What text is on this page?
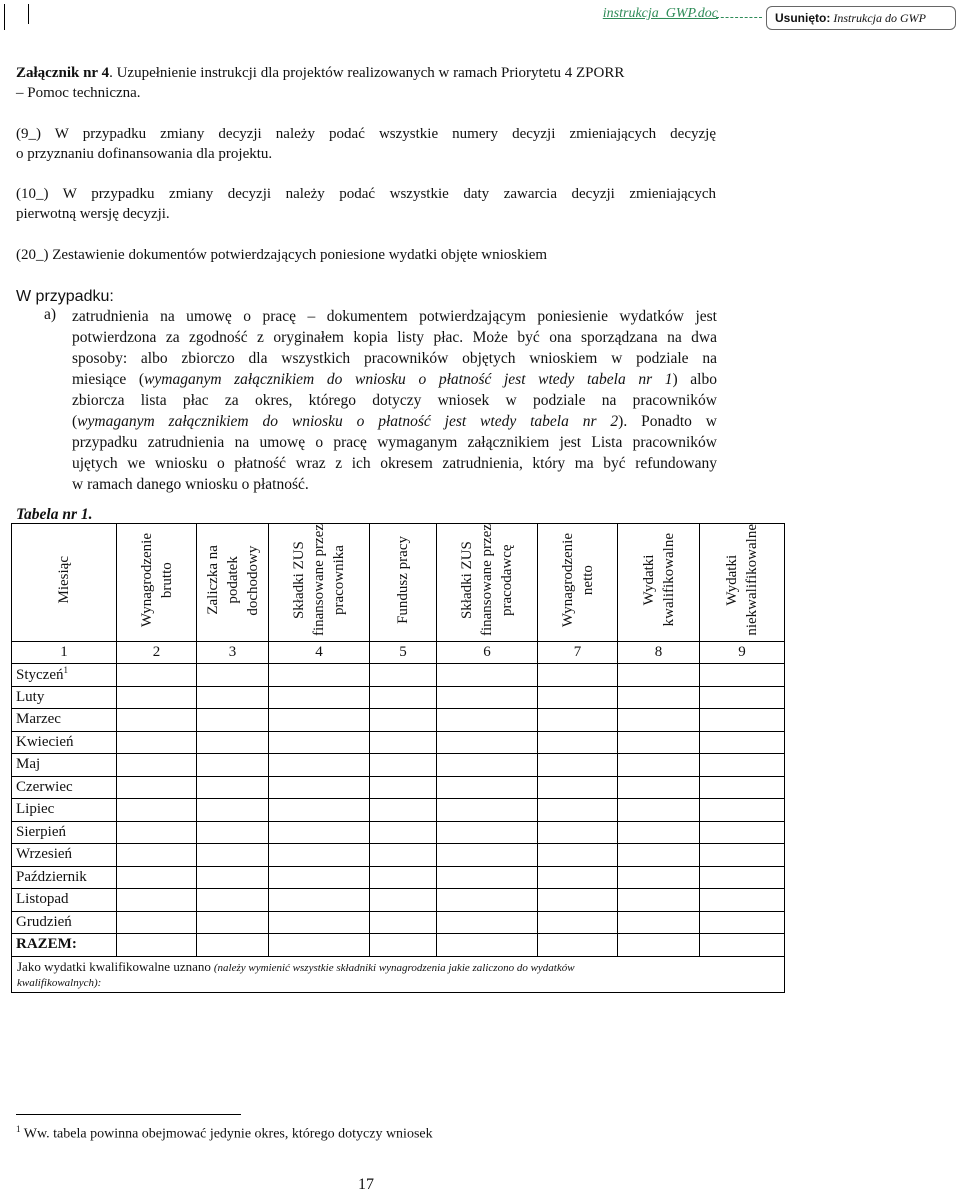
instrukcja_GWP.doc	Usunięto: Instrukcja do GWP
Załącznik nr 4. Uzupełnienie instrukcji dla projektów realizowanych w ramach Priorytetu 4 ZPORR
– Pomoc techniczna.
(9_) W przypadku zmiany decyzji należy podać wszystkie numery decyzji zmieniających decyzję
o przyznaniu dofinansowania dla projektu.
(10_) W przypadku zmiany decyzji należy podać wszystkie daty zawarcia decyzji zmieniających
pierwotną wersję decyzji.
(20_) Zestawienie dokumentów potwierdzających poniesione wydatki objęte wnioskiem
W przypadku:
a) zatrudnienia na umowę o pracę – dokumentem potwierdzającym poniesienie wydatków jest
potwierdzona za zgodność z oryginałem kopia listy płac. Może być ona sporządzana na dwa
sposoby: albo zbiorczo dla wszystkich pracowników objętych wnioskiem w podziale na
miesiące (wymaganym załącznikiem do wniosku o płatność jest wtedy tabela nr 1) albo
zbiorcza lista płac za okres, którego dotyczy wniosek w podziale na pracowników
(wymaganym załącznikiem do wniosku o płatność jest wtedy tabela nr 2). Ponadto w
przypadku zatrudnienia na umowę o pracę wymaganym załącznikiem jest Lista pracowników
ujętych we wniosku o płatność wraz z ich okresem zatrudnienia, który ma być refundowany
w ramach danego wniosku o płatność.
Tabela nr 1.
Miesiąc	Wynagrodzenie brutto	Zaliczka na podatek dochodowy	Składki ZUS finansowane przez pracownika	Fundusz pracy	Składki ZUS finansowane przez pracodawcę	Wynagrodzenie netto	Wydatki kwalifikowalne	Wydatki niekwalifikowalne
1	2	3	4	5	6	7	8	9
Styczeń$^1$								
Luty								
Marzec								
Kwiecień								
Maj								
Czerwiec								
Lipiec								
Sierpień								
Wrzesień								
Październik								
Listopad								
Grudzień								
RAZEM:								
Jako wydatki kwalifikowalne uznano (należy wymienić wszystkie składniki wynagrodzenia jakie zaliczono do wydatków
kwalifikowalnych):								
$^1$ Ww. tabela powinna obejmować jedynie okres, którego dotyczy wniosek
17
